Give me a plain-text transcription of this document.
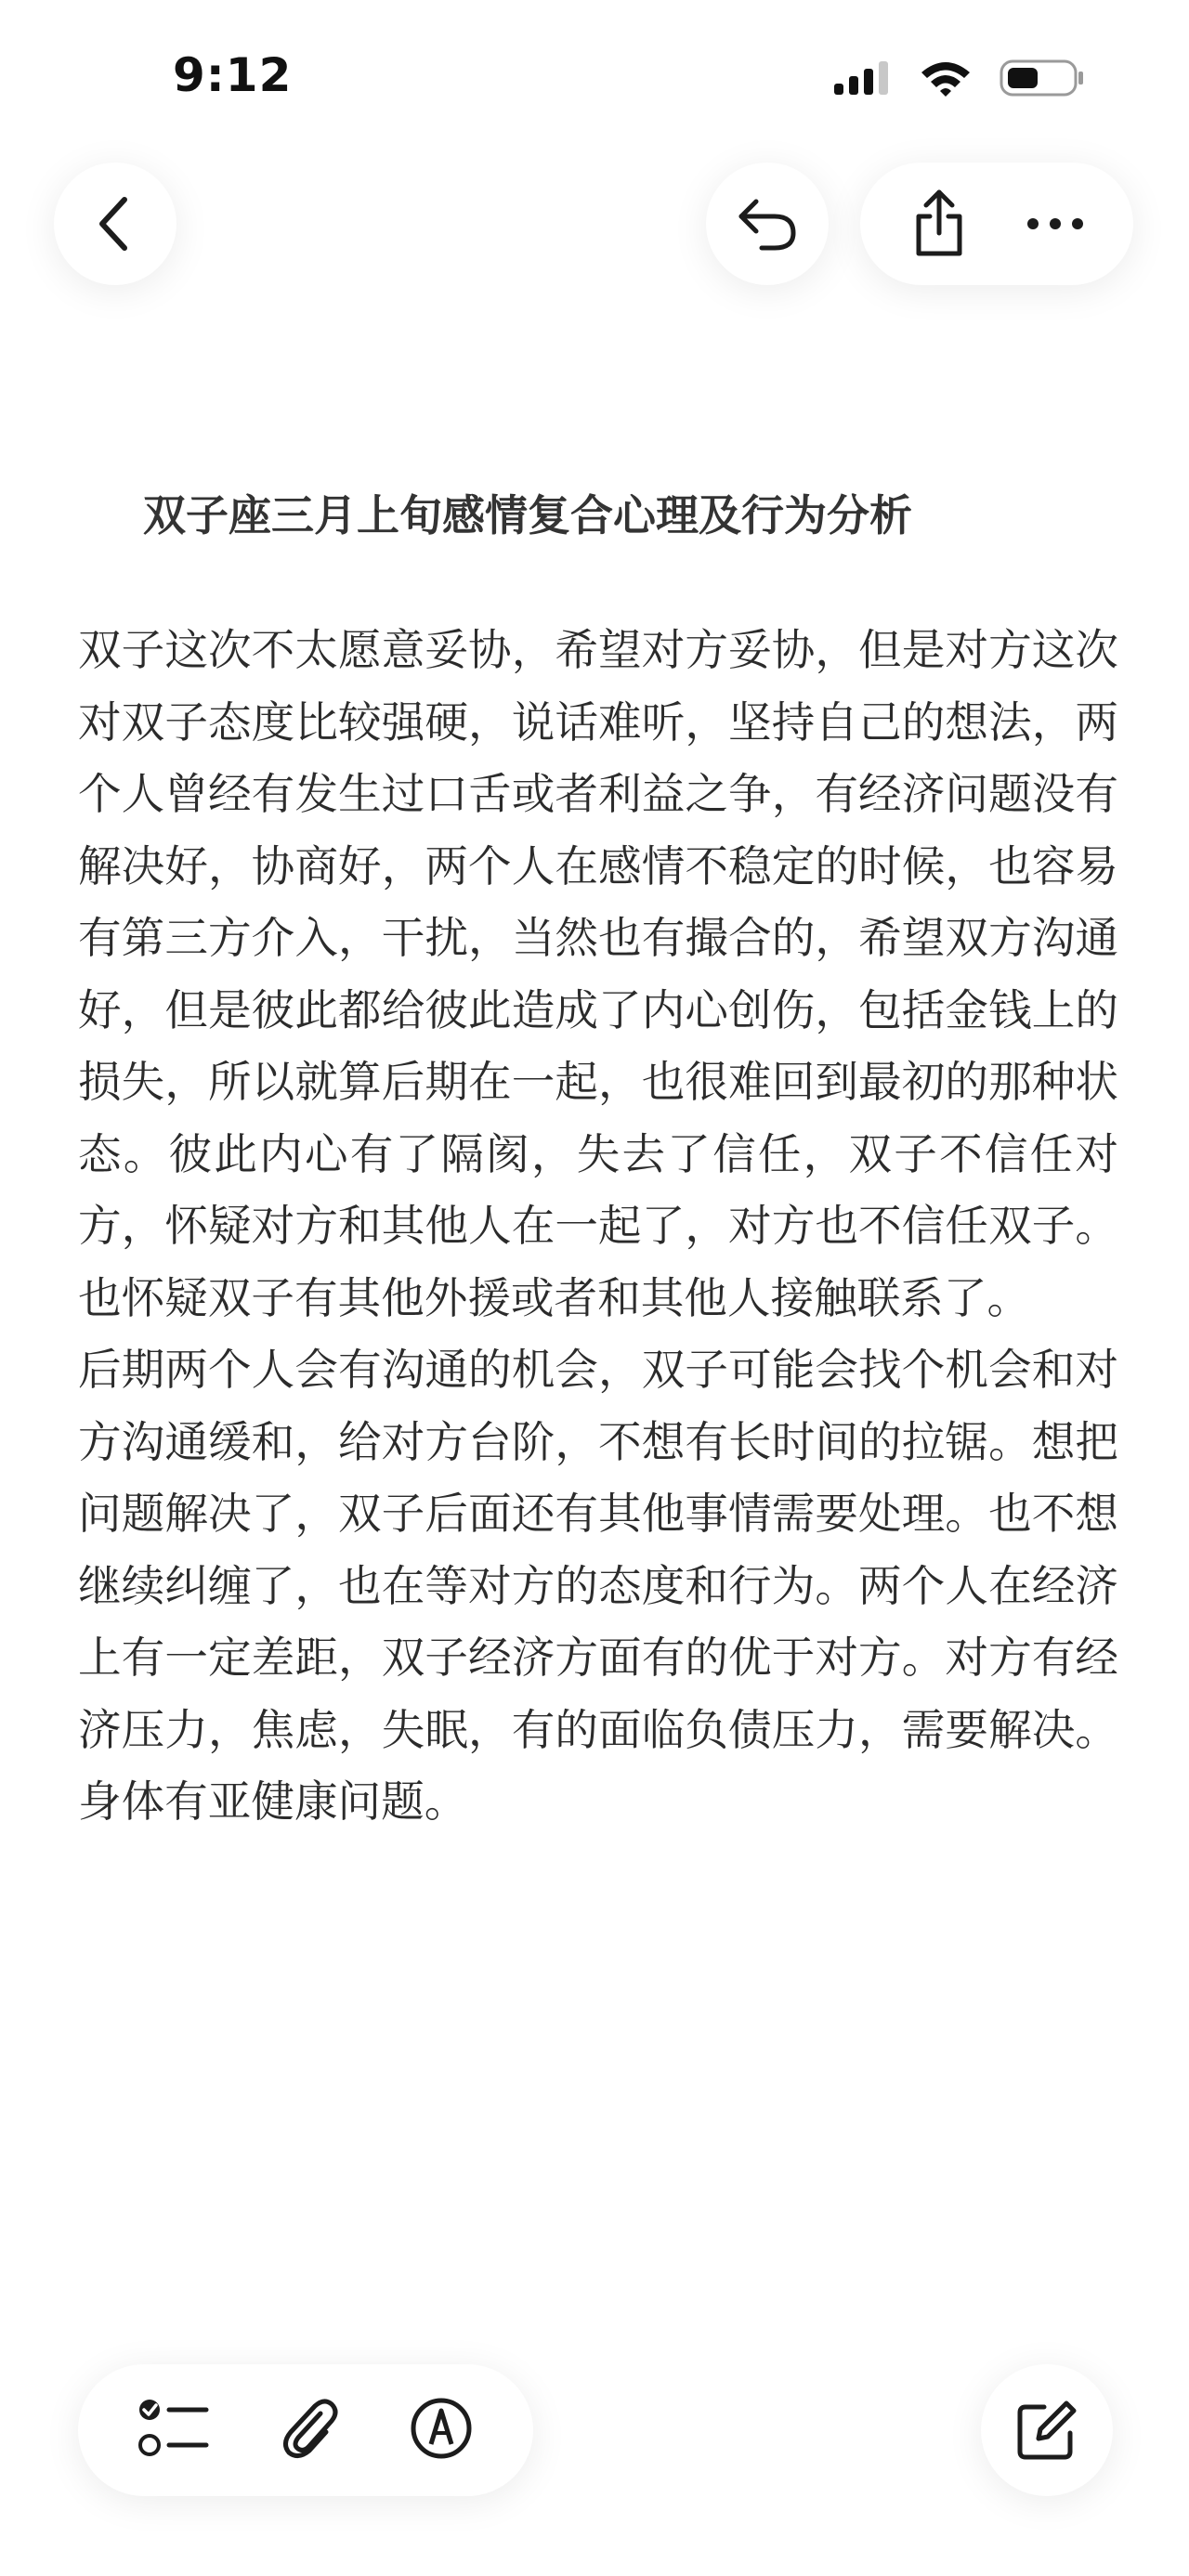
9:12
双子座三月上旬感情复合心理及行为分析

双子这次不太愿意妥协，希望对方妥协，但是对方这次对双子态度比较强硬，说话难听，坚持自己的想法，两个人曾经有发生过口舌或者利益之争，有经济问题没有解决好，协商好，两个人在感情不稳定的时候，也容易有第三方介入，干扰，当然也有撮合的，希望双方沟通好，但是彼此都给彼此造成了内心创伤，包括金钱上的损失，所以就算后期在一起，也很难回到最初的那种状态。彼此内心有了隔阂，失去了信任，双子不信任对方，怀疑对方和其他人在一起了，对方也不信任双子。也怀疑双子有其他外援或者和其他人接触联系了。

后期两个人会有沟通的机会，双子可能会找个机会和对方沟通缓和，给对方台阶，不想有长时间的拉锯。想把问题解决了，双子后面还有其他事情需要处理。也不想继续纠缠了，也在等对方的态度和行为。两个人在经济上有一定差距，双子经济方面有的优于对方。对方有经济压力，焦虑，失眠，有的面临负债压力，需要解决。身体有亚健康问题。
